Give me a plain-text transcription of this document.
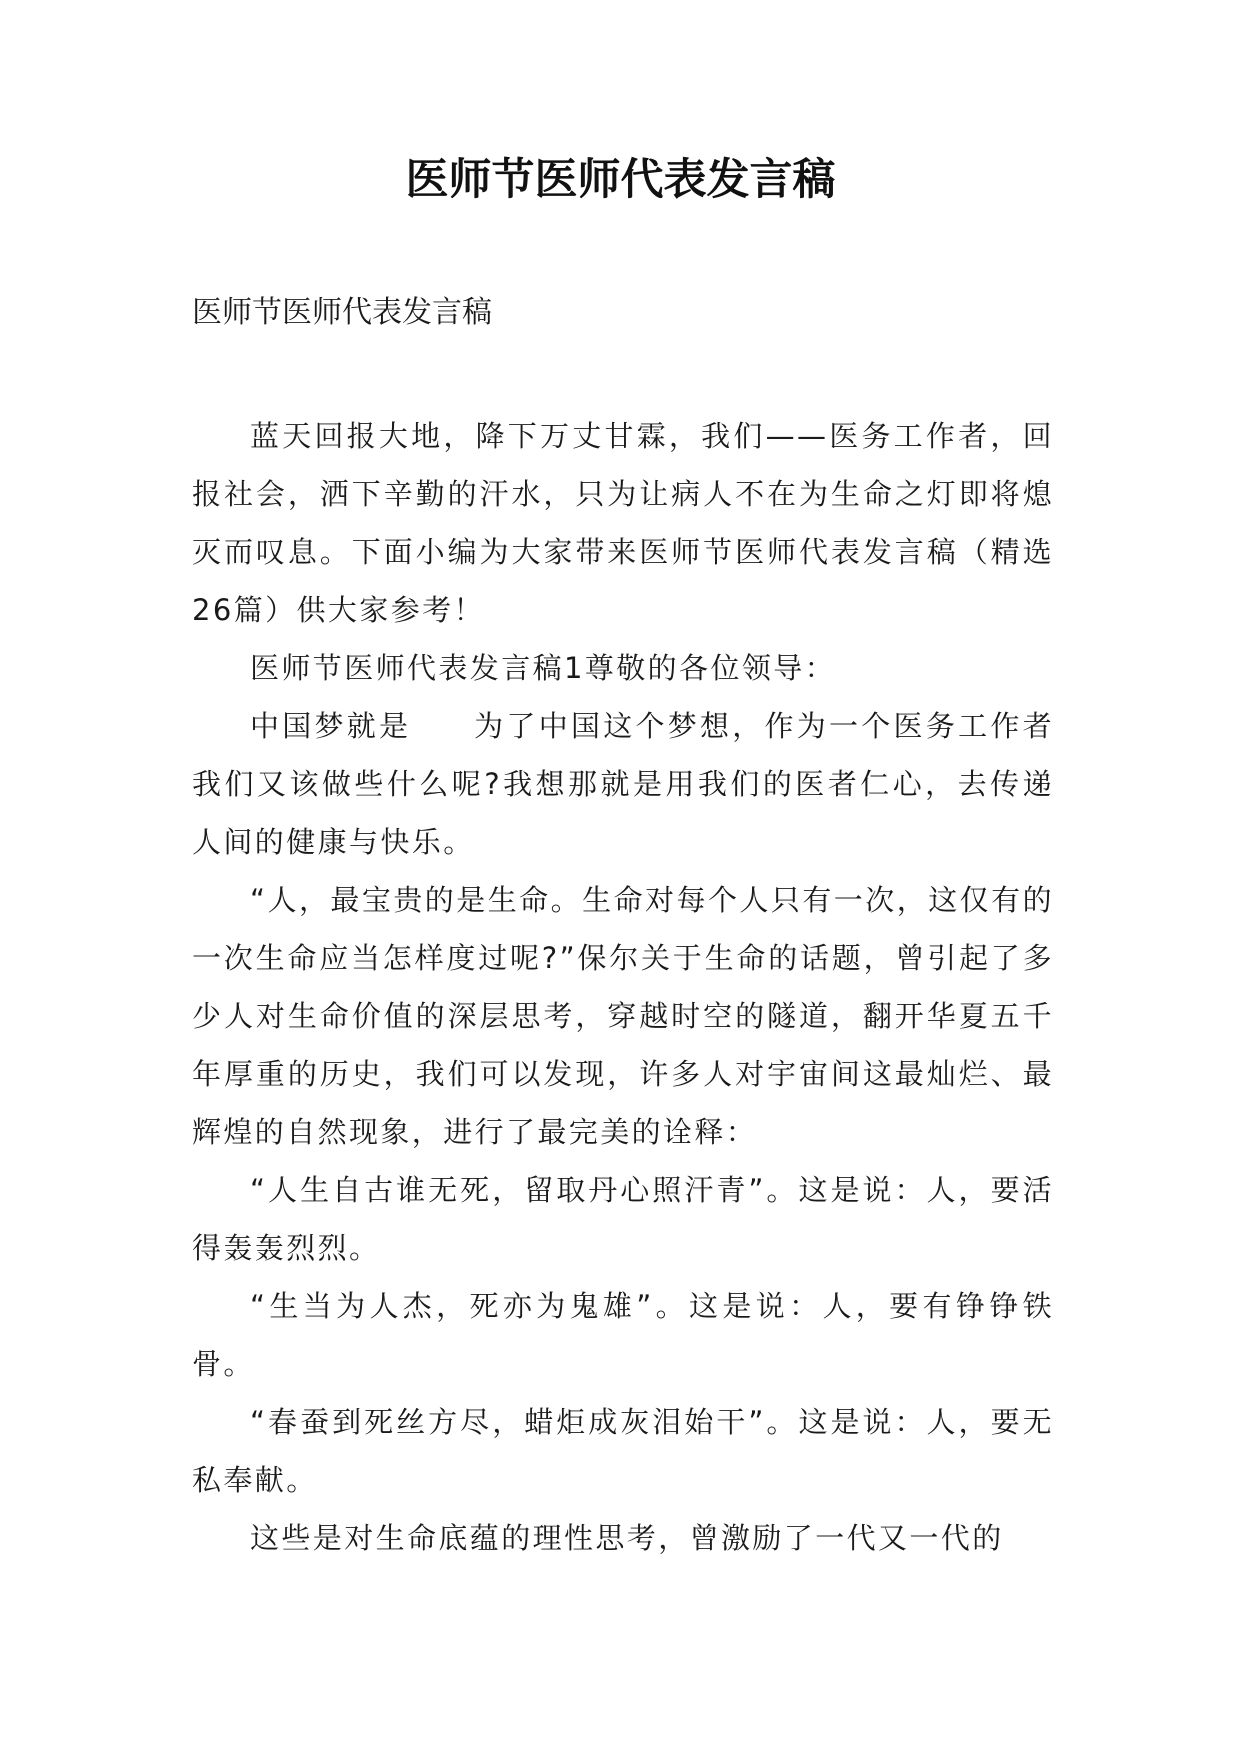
医师节医师代表发言稿

医师节医师代表发言稿

蓝天回报大地，降下万丈甘霖，我们——医务工作者，回报社会，洒下辛勤的汗水，只为让病人不在为生命之灯即将熄灭而叹息。下面小编为大家带来医师节医师代表发言稿（精选26篇）供大家参考！

医师节医师代表发言稿1尊敬的各位领导：

中国梦就是 为了中国这个梦想，作为一个医务工作者我们又该做些什么呢?我想那就是用我们的医者仁心，去传递人间的健康与快乐。

“人，最宝贵的是生命。生命对每个人只有一次，这仅有的一次生命应当怎样度过呢?”保尔关于生命的话题，曾引起了多少人对生命价值的深层思考，穿越时空的隧道，翻开华夏五千年厚重的历史，我们可以发现，许多人对宇宙间这最灿烂、最辉煌的自然现象，进行了最完美的诠释：

“人生自古谁无死，留取丹心照汗青”。这是说：人，要活得轰轰烈烈。

“生当为人杰，死亦为鬼雄”。这是说：人，要有铮铮铁骨。

“春蚕到死丝方尽，蜡炬成灰泪始干”。这是说：人，要无私奉献。

这些是对生命底蕴的理性思考，曾激励了一代又一代的
